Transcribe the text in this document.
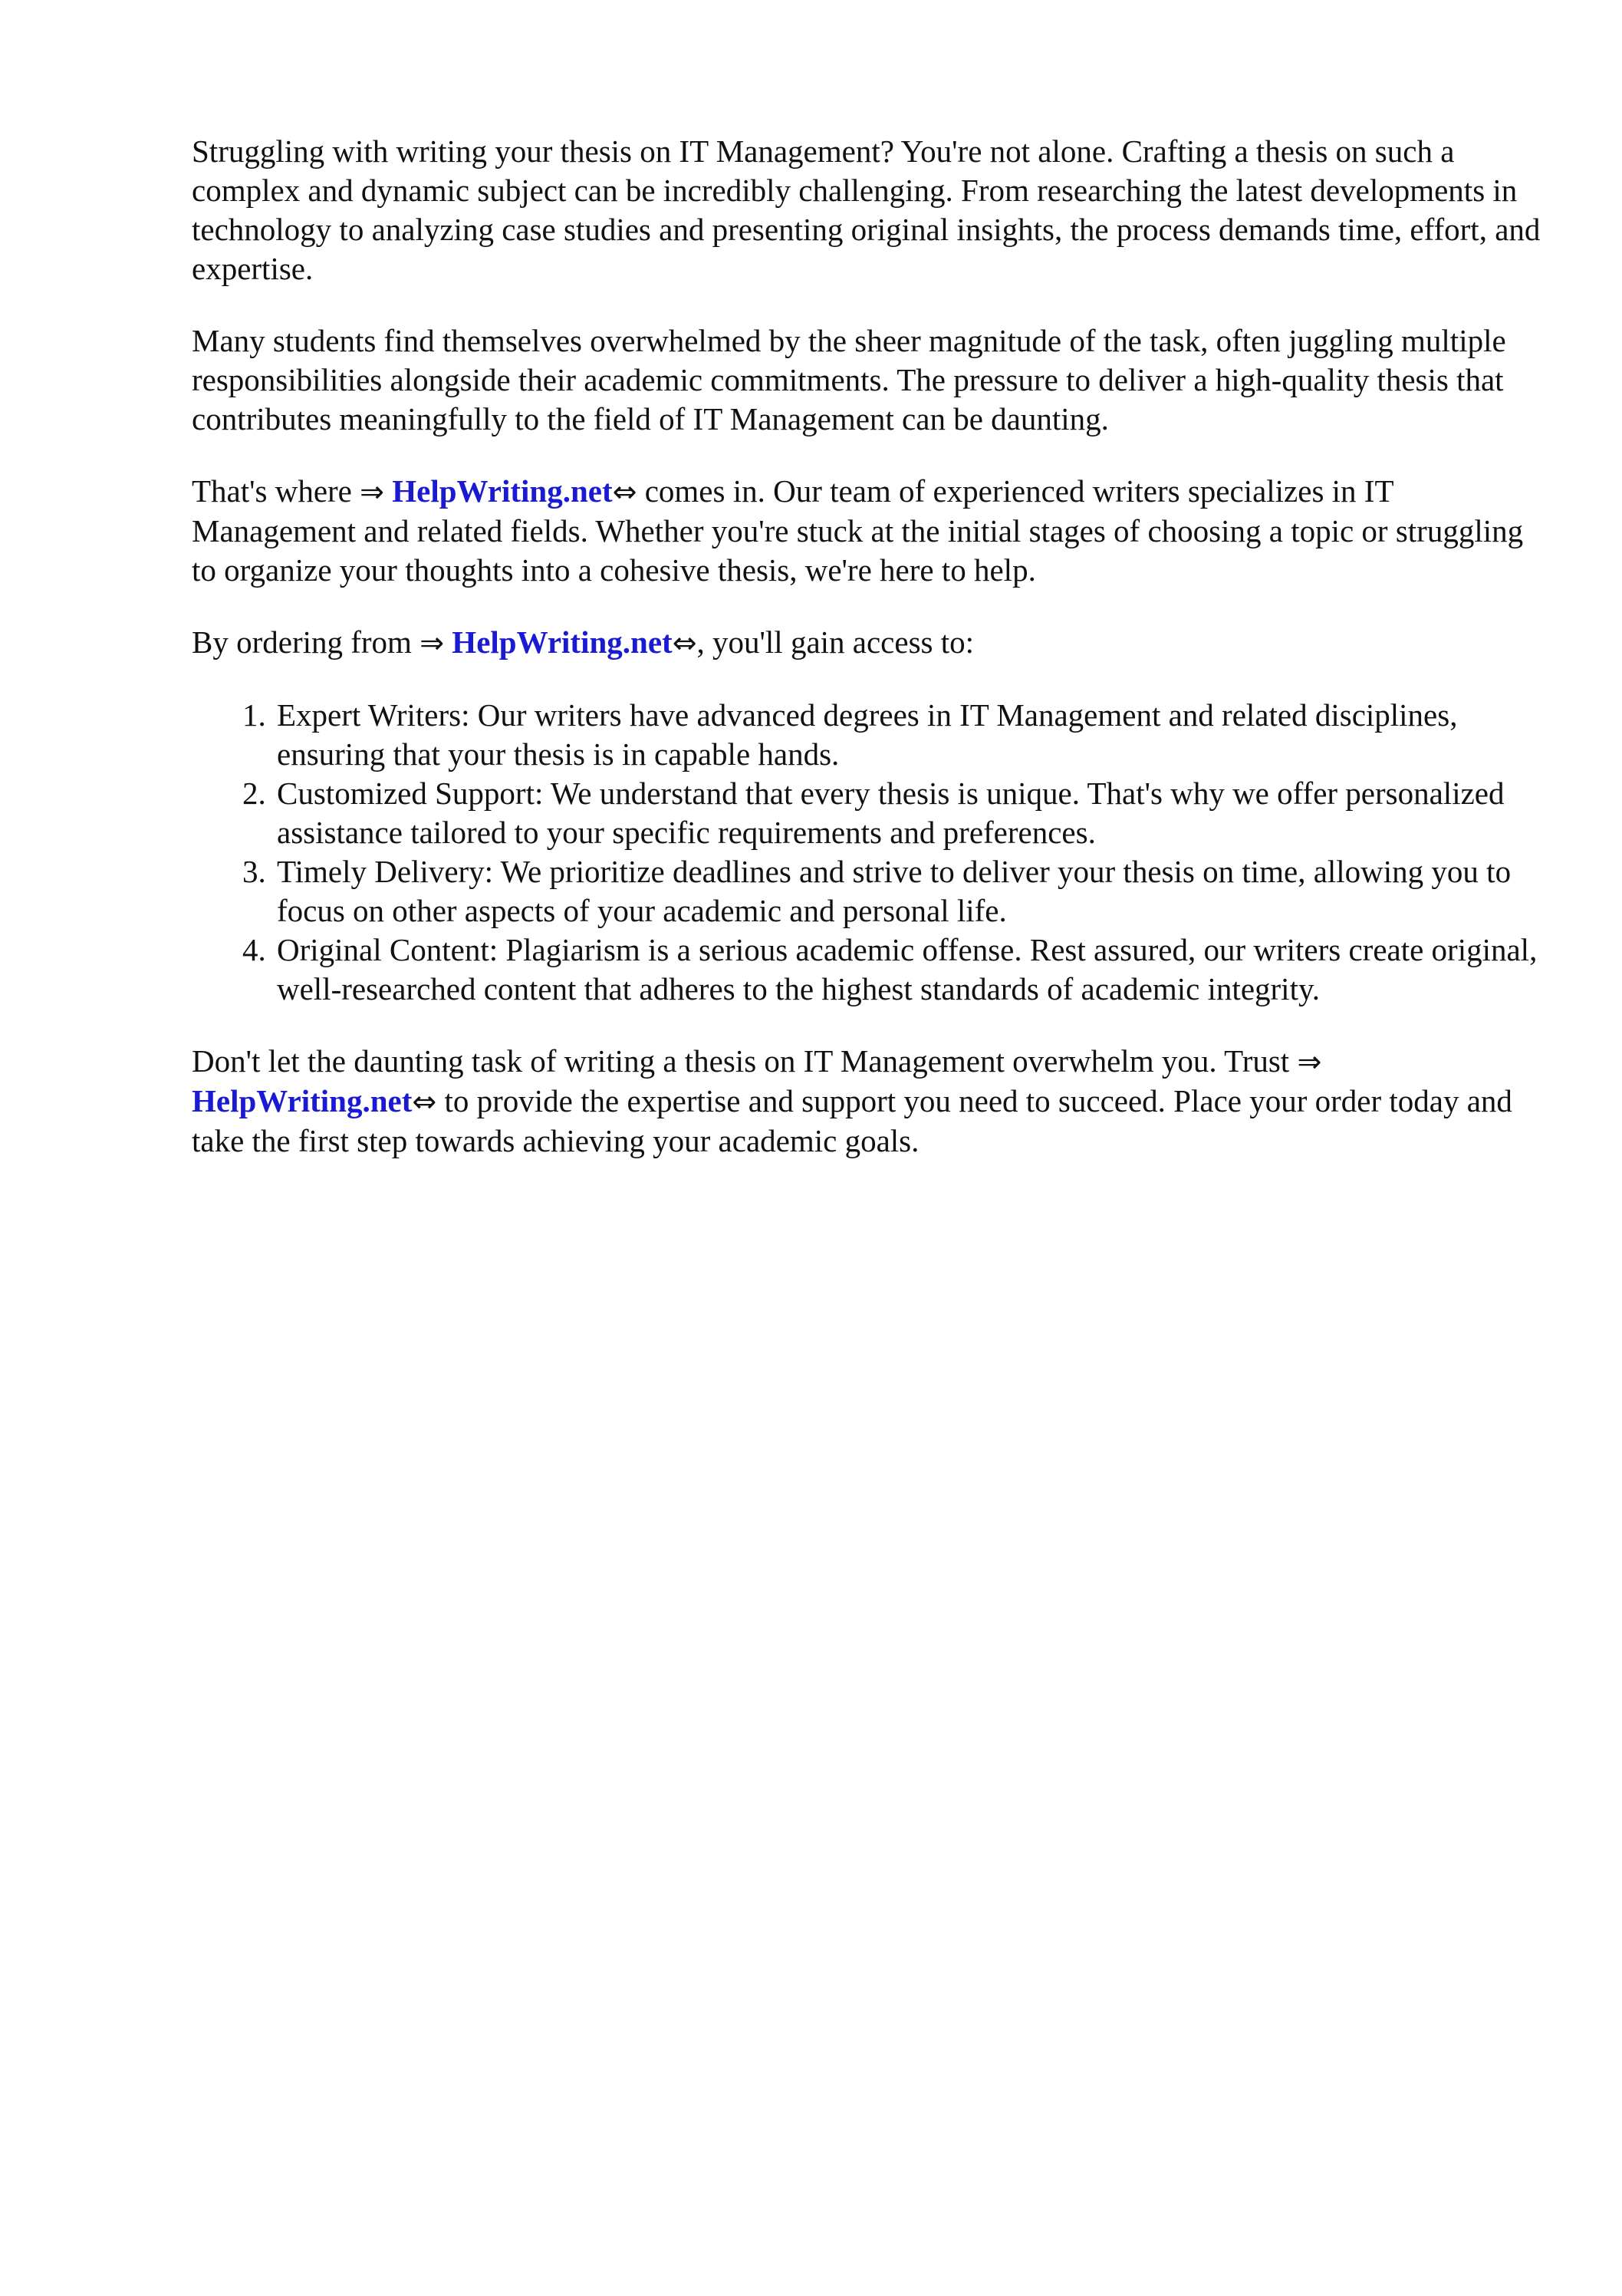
Struggling with writing your thesis on IT Management? You're not alone. Crafting a thesis on such a complex and dynamic subject can be incredibly challenging. From researching the latest developments in technology to analyzing case studies and presenting original insights, the process demands time, effort, and expertise.

Many students find themselves overwhelmed by the sheer magnitude of the task, often juggling multiple responsibilities alongside their academic commitments. The pressure to deliver a high-quality thesis that contributes meaningfully to the field of IT Management can be daunting.

That's where ⇒ HelpWriting.net⇔ comes in. Our team of experienced writers specializes in IT Management and related fields. Whether you're stuck at the initial stages of choosing a topic or struggling to organize your thoughts into a cohesive thesis, we're here to help.

By ordering from ⇒ HelpWriting.net⇔, you'll gain access to:

1. Expert Writers: Our writers have advanced degrees in IT Management and related disciplines, ensuring that your thesis is in capable hands.
2. Customized Support: We understand that every thesis is unique. That's why we offer personalized assistance tailored to your specific requirements and preferences.
3. Timely Delivery: We prioritize deadlines and strive to deliver your thesis on time, allowing you to focus on other aspects of your academic and personal life.
4. Original Content: Plagiarism is a serious academic offense. Rest assured, our writers create original, well-researched content that adheres to the highest standards of academic integrity.

Don't let the daunting task of writing a thesis on IT Management overwhelm you. Trust ⇒ HelpWriting.net⇔ to provide the expertise and support you need to succeed. Place your order today and take the first step towards achieving your academic goals.
